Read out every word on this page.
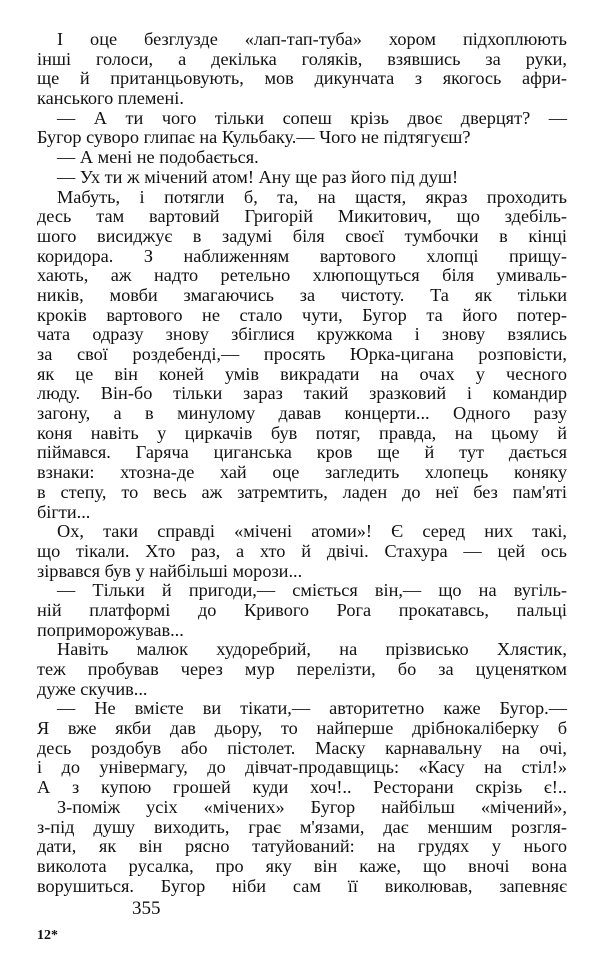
І оце безглузде «лап-тап-туба» хором підхоплюють
інші голоси, а декілька голяків, взявшись за руки,
ще й пританцьовують, мов дикунчата з якогось афри-
канського племені.
— А ти чого тільки сопеш крізь двоє дверцят? —
Бугор суворо глипає на Кульбаку.— Чого не підтягуєш?
— А мені не подобається.
— Ух ти ж мічений атом! Ану ще раз його під душ!
Мабуть, і потягли б, та, на щастя, якраз проходить
десь там вартовий Григорій Микитович, що здебіль-
шого висиджує в задумі біля своєї тумбочки в кінці
коридора. З наближенням вартового хлопці прищу-
хають, аж надто ретельно хлюпощуться біля умиваль-
ників, мовби змагаючись за чистоту. Та як тільки
кроків вартового не стало чути, Бугор та його потер-
чата одразу знову збіглися кружкома і знову взялись
за свої роздебенді,— просять Юрка-цигана розповісти,
як це він коней умів викрадати на очах у чесного
люду. Він-бо тільки зараз такий зразковий і командир
загону, а в минулому давав концерти... Одного разу
коня навіть у циркачів був потяг, правда, на цьому й
піймався. Гаряча циганська кров ще й тут дається
взнаки: хтозна-де хай оце загледить хлопець коняку
в степу, то весь аж затремтить, ладен до неї без пам'яті
бігти...
Ох, таки справді «мічені атоми»! Є серед них такі,
що тікали. Хто раз, а хто й двічі. Стахура — цей ось
зірвався був у найбільші морози...
— Тільки й пригоди,— сміється він,— що на вугіль-
ній платформі до Кривого Рога прокатавсь, пальці
поприморожував...
Навіть малюк худоребрий, на прізвисько Хлястик,
теж пробував через мур перелізти, бо за цуценятком
дуже скучив...
— Не вмієте ви тікати,— авторитетно каже Бугор.—
Я вже якби дав дьору, то найперше дрібнокаліберку б
десь роздобув або пістолет. Маску карнавальну на очі,
і до універмагу, до дівчат-продавщиць: «Касу на стіл!»
А з купою грошей куди хоч!.. Ресторани скрізь є!..
З-поміж усіх «мічених» Бугор найбільш «мічений»,
з-під душу виходить, грає м'язами, дає меншим розгля-
дати, як він рясно татуйований: на грудях у нього
виколота русалка, про яку він каже, що вночі вона
ворушиться. Бугор ніби сам її виколював, запевняє
355
12*
